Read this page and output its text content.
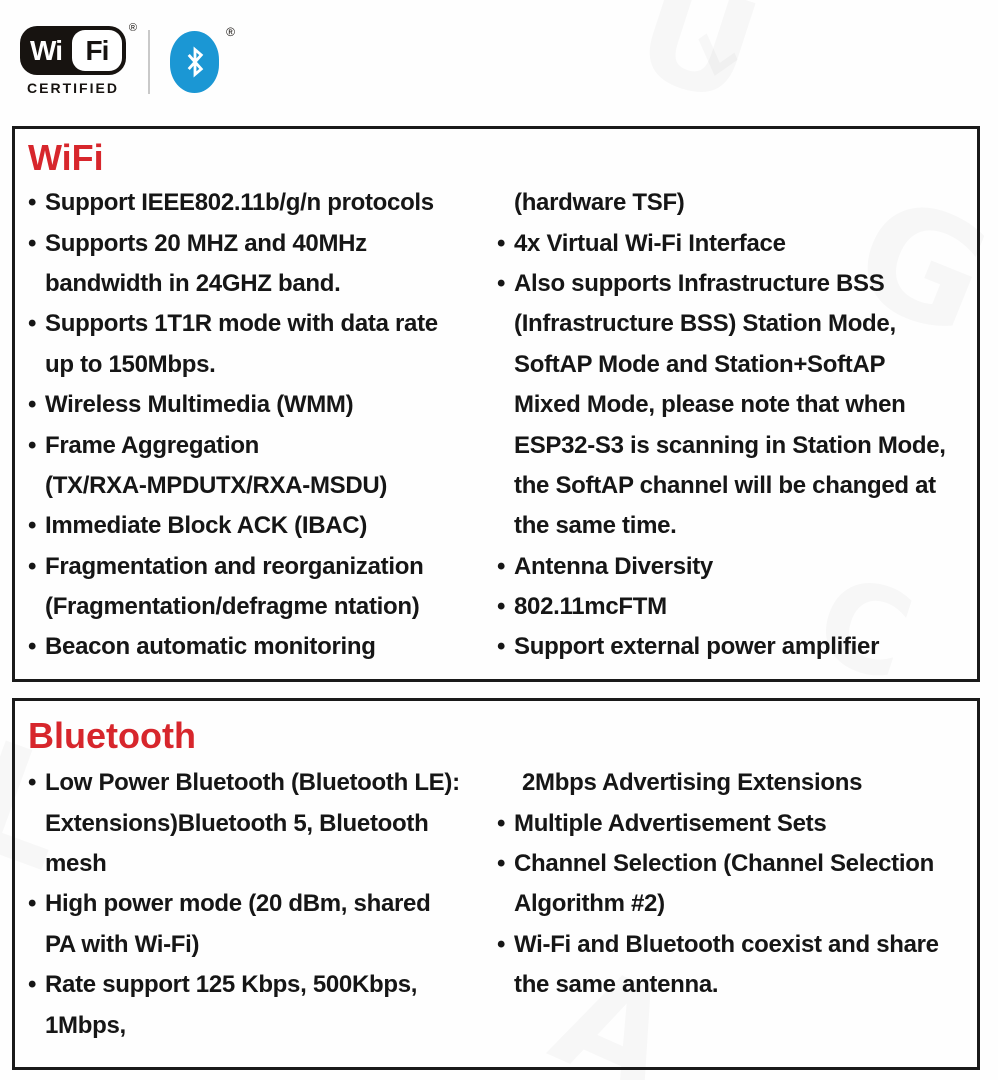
Wi Fi
®
CERTIFIED
®
WiFi
• Support IEEE802.11b/g/n protocols
• Supports 20 MHZ and 40MHz
bandwidth in 24GHZ band.
• Supports 1T1R mode with data rate
up to 150Mbps.
• Wireless Multimedia (WMM)
• Frame Aggregation
(TX/RXA-MPDUTX/RXA-MSDU)
• Immediate Block ACK (IBAC)
• Fragmentation and reorganization
(Fragmentation/defragme ntation)
• Beacon automatic monitoring
(hardware TSF)
• 4x Virtual Wi-Fi Interface
• Also supports Infrastructure BSS
(Infrastructure BSS) Station Mode,
SoftAP Mode and Station+SoftAP
Mixed Mode, please note that when
ESP32-S3 is scanning in Station Mode,
the SoftAP channel will be changed at
the same time.
• Antenna Diversity
• 802.11mcFTM
• Support external power amplifier
Bluetooth
• Low Power Bluetooth (Bluetooth LE):
Extensions)Bluetooth 5, Bluetooth
mesh
• High power mode (20 dBm, shared
PA with Wi-Fi)
• Rate support 125 Kbps, 500Kbps,
1Mbps,
2Mbps Advertising Extensions
• Multiple Advertisement Sets
• Channel Selection (Channel Selection
Algorithm #2)
• Wi-Fi and Bluetooth coexist and share
the same antenna.
